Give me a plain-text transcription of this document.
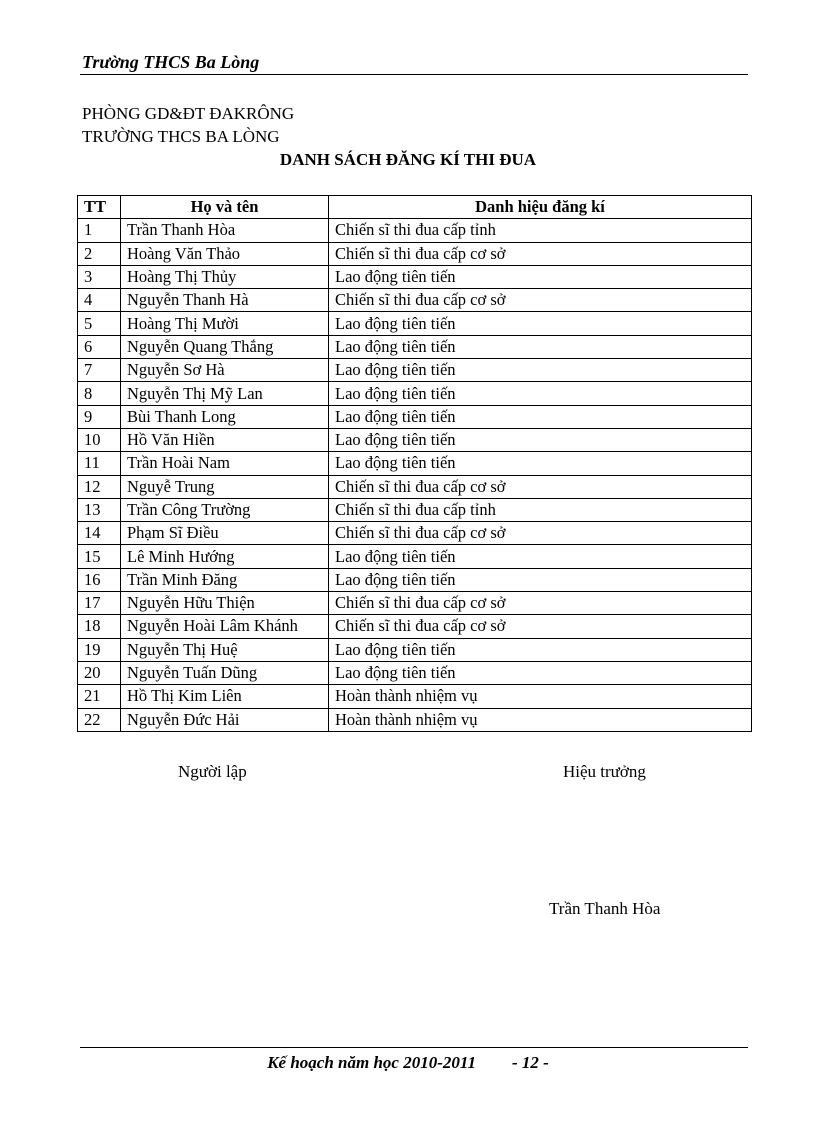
Trường THCS Ba Lòng
PHÒNG GD&ĐT ĐAKRÔNG
TRƯỜNG THCS BA LÒNG
DANH SÁCH ĐĂNG KÍ THI ĐUA
TT	Họ và tên	Danh hiệu đăng kí
1	Trần Thanh Hòa	Chiến sĩ thi đua cấp tỉnh
2	Hoàng Văn Thảo	Chiến sĩ thi đua cấp cơ sở
3	Hoàng Thị Thủy	Lao động tiên tiến
4	Nguyễn Thanh Hà	Chiến sĩ thi đua cấp cơ sở
5	Hoàng Thị Mười	Lao động tiên tiến
6	Nguyễn Quang Thắng	Lao động tiên tiến
7	Nguyễn Sơ Hà	Lao động tiên tiến
8	Nguyễn Thị Mỹ Lan	Lao động tiên tiến
9	Bùi Thanh Long	Lao động tiên tiến
10	Hồ Văn Hiền	Lao động tiên tiến
11	Trần Hoài Nam	Lao động tiên tiến
12	Nguyễ Trung	Chiến sĩ thi đua cấp cơ sở
13	Trần Công Trường	Chiến sĩ thi đua cấp tỉnh
14	Phạm Sĩ Điều	Chiến sĩ thi đua cấp cơ sở
15	Lê Minh Hướng	Lao động tiên tiến
16	Trần Minh Đăng	Lao động tiên tiến
17	Nguyễn Hữu Thiện	Chiến sĩ thi đua cấp cơ sở
18	Nguyễn Hoài Lâm Khánh	Chiến sĩ thi đua cấp cơ sở
19	Nguyễn Thị Huệ	Lao động tiên tiến
20	Nguyễn Tuấn Dũng	Lao động tiên tiến
21	Hồ Thị Kim Liên	Hoàn thành nhiệm vụ
22	Nguyễn Đức Hải	Hoàn thành nhiệm vụ
Người lập	Hiệu trưởng
Trần Thanh Hòa
Kế hoạch năm học 2010-2011 - 12 -
